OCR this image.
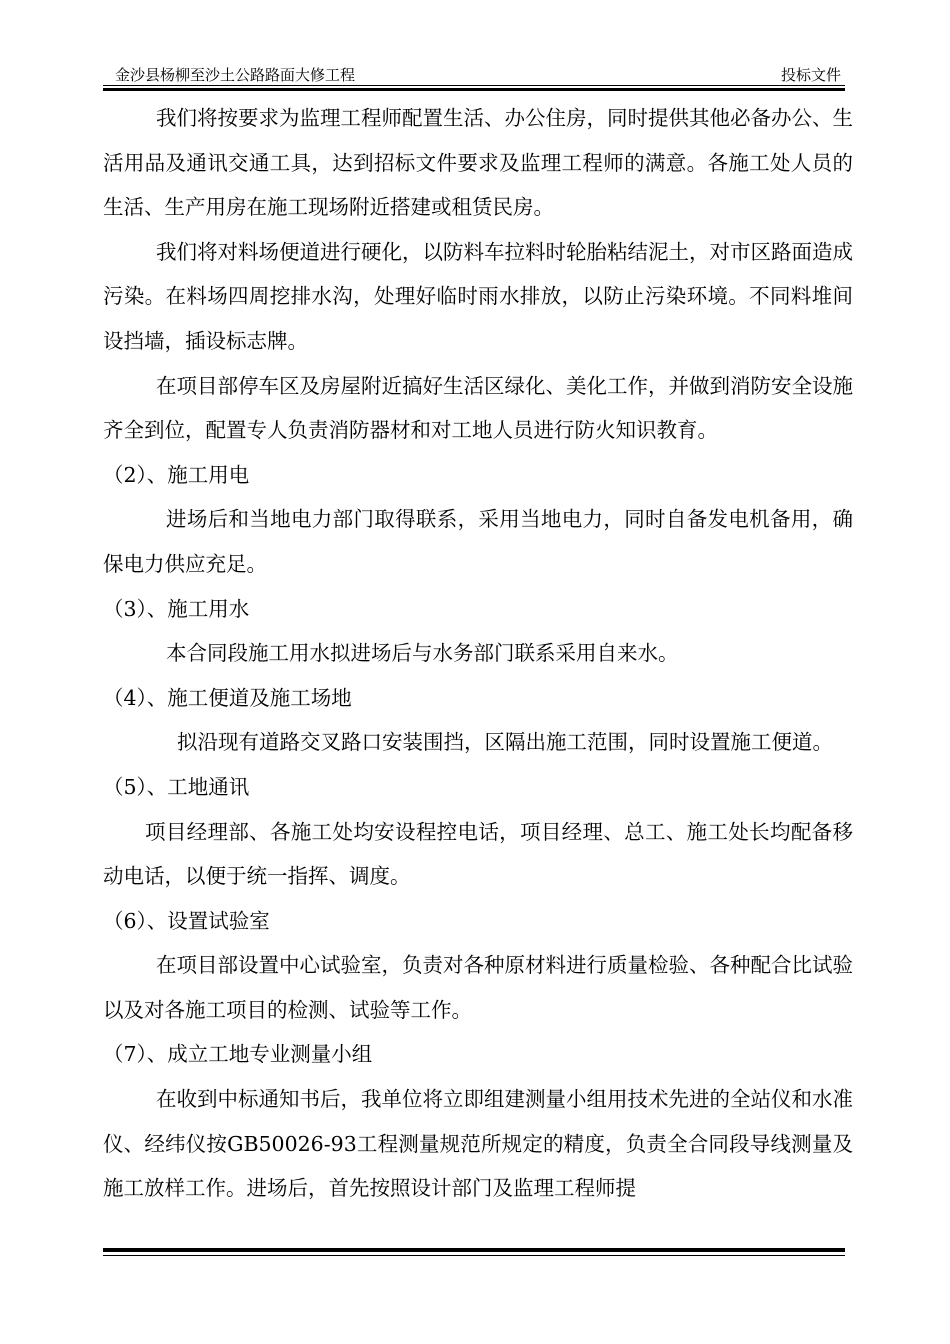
金沙县杨柳至沙土公路路面大修工程	投标文件

我们将按要求为监理工程师配置生活、办公住房，同时提供其他必备办公、生活用品及通讯交通工具，达到招标文件要求及监理工程师的满意。各施工处人员的生活、生产用房在施工现场附近搭建或租赁民房。

我们将对料场便道进行硬化，以防料车拉料时轮胎粘结泥土，对市区路面造成污染。在料场四周挖排水沟，处理好临时雨水排放，以防止污染环境。不同料堆间设挡墙，插设标志牌。

在项目部停车区及房屋附近搞好生活区绿化、美化工作，并做到消防安全设施齐全到位，配置专人负责消防器材和对工地人员进行防火知识教育。

（2）、施工用电

进场后和当地电力部门取得联系，采用当地电力，同时自备发电机备用，确保电力供应充足。

（3）、施工用水

本合同段施工用水拟进场后与水务部门联系采用自来水。

（4）、施工便道及施工场地

拟沿现有道路交叉路口安装围挡，区隔出施工范围，同时设置施工便道。

（5）、工地通讯

项目经理部、各施工处均安设程控电话，项目经理、总工、施工处长均配备移动电话，以便于统一指挥、调度。

（6）、设置试验室

在项目部设置中心试验室，负责对各种原材料进行质量检验、各种配合比试验以及对各施工项目的检测、试验等工作。

（7）、成立工地专业测量小组

在收到中标通知书后，我单位将立即组建测量小组用技术先进的全站仪和水准仪、经纬仪按GB50026-93工程测量规范所规定的精度，负责全合同段导线测量及施工放样工作。进场后，首先按照设计部门及监理工程师提
